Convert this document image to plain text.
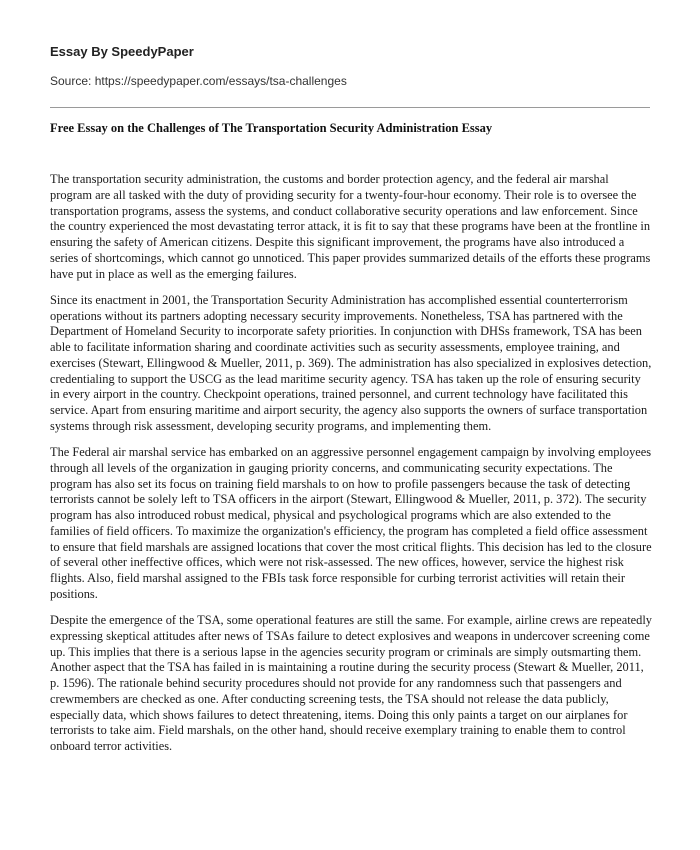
Essay By SpeedyPaper
Source: https://speedypaper.com/essays/tsa-challenges
Free Essay on the Challenges of The Transportation Security Administration Essay

The transportation security administration, the customs and border protection agency, and the federal air marshal program are all tasked with the duty of providing security for a twenty-four-hour economy. Their role is to oversee the transportation programs, assess the systems, and conduct collaborative security operations and law enforcement. Since the country experienced the most devastating terror attack, it is fit to say that these programs have been at the frontline in ensuring the safety of American citizens. Despite this significant improvement, the programs have also introduced a series of shortcomings, which cannot go unnoticed. This paper provides summarized details of the efforts these programs have put in place as well as the emerging failures.

Since its enactment in 2001, the Transportation Security Administration has accomplished essential counterterrorism operations without its partners adopting necessary security improvements. Nonetheless, TSA has partnered with the Department of Homeland Security to incorporate safety priorities. In conjunction with DHSs framework, TSA has been able to facilitate information sharing and coordinate activities such as security assessments, employee training, and exercises (Stewart, Ellingwood & Mueller, 2011, p. 369). The administration has also specialized in explosives detection, credentialing to support the USCG as the lead maritime security agency. TSA has taken up the role of ensuring security in every airport in the country. Checkpoint operations, trained personnel, and current technology have facilitated this service. Apart from ensuring maritime and airport security, the agency also supports the owners of surface transportation systems through risk assessment, developing security programs, and implementing them.

The Federal air marshal service has embarked on an aggressive personnel engagement campaign by involving employees through all levels of the organization in gauging priority concerns, and communicating security expectations. The program has also set its focus on training field marshals to on how to profile passengers because the task of detecting terrorists cannot be solely left to TSA officers in the airport (Stewart, Ellingwood & Mueller, 2011, p. 372). The security program has also introduced robust medical, physical and psychological programs which are also extended to the families of field officers. To maximize the organization's efficiency, the program has completed a field office assessment to ensure that field marshals are assigned locations that cover the most critical flights. This decision has led to the closure of several other ineffective offices, which were not risk-assessed. The new offices, however, service the highest risk flights. Also, field marshal assigned to the FBIs task force responsible for curbing terrorist activities will retain their positions.

Despite the emergence of the TSA, some operational features are still the same. For example, airline crews are repeatedly expressing skeptical attitudes after news of TSAs failure to detect explosives and weapons in undercover screening come up. This implies that there is a serious lapse in the agencies security program or criminals are simply outsmarting them. Another aspect that the TSA has failed in is maintaining a routine during the security process (Stewart & Mueller, 2011, p. 1596). The rationale behind security procedures should not provide for any randomness such that passengers and crewmembers are checked as one. After conducting screening tests, the TSA should not release the data publicly, especially data, which shows failures to detect threatening, items. Doing this only paints a target on our airplanes for terrorists to take aim. Field marshals, on the other hand, should receive exemplary training to enable them to control onboard terror activities.
